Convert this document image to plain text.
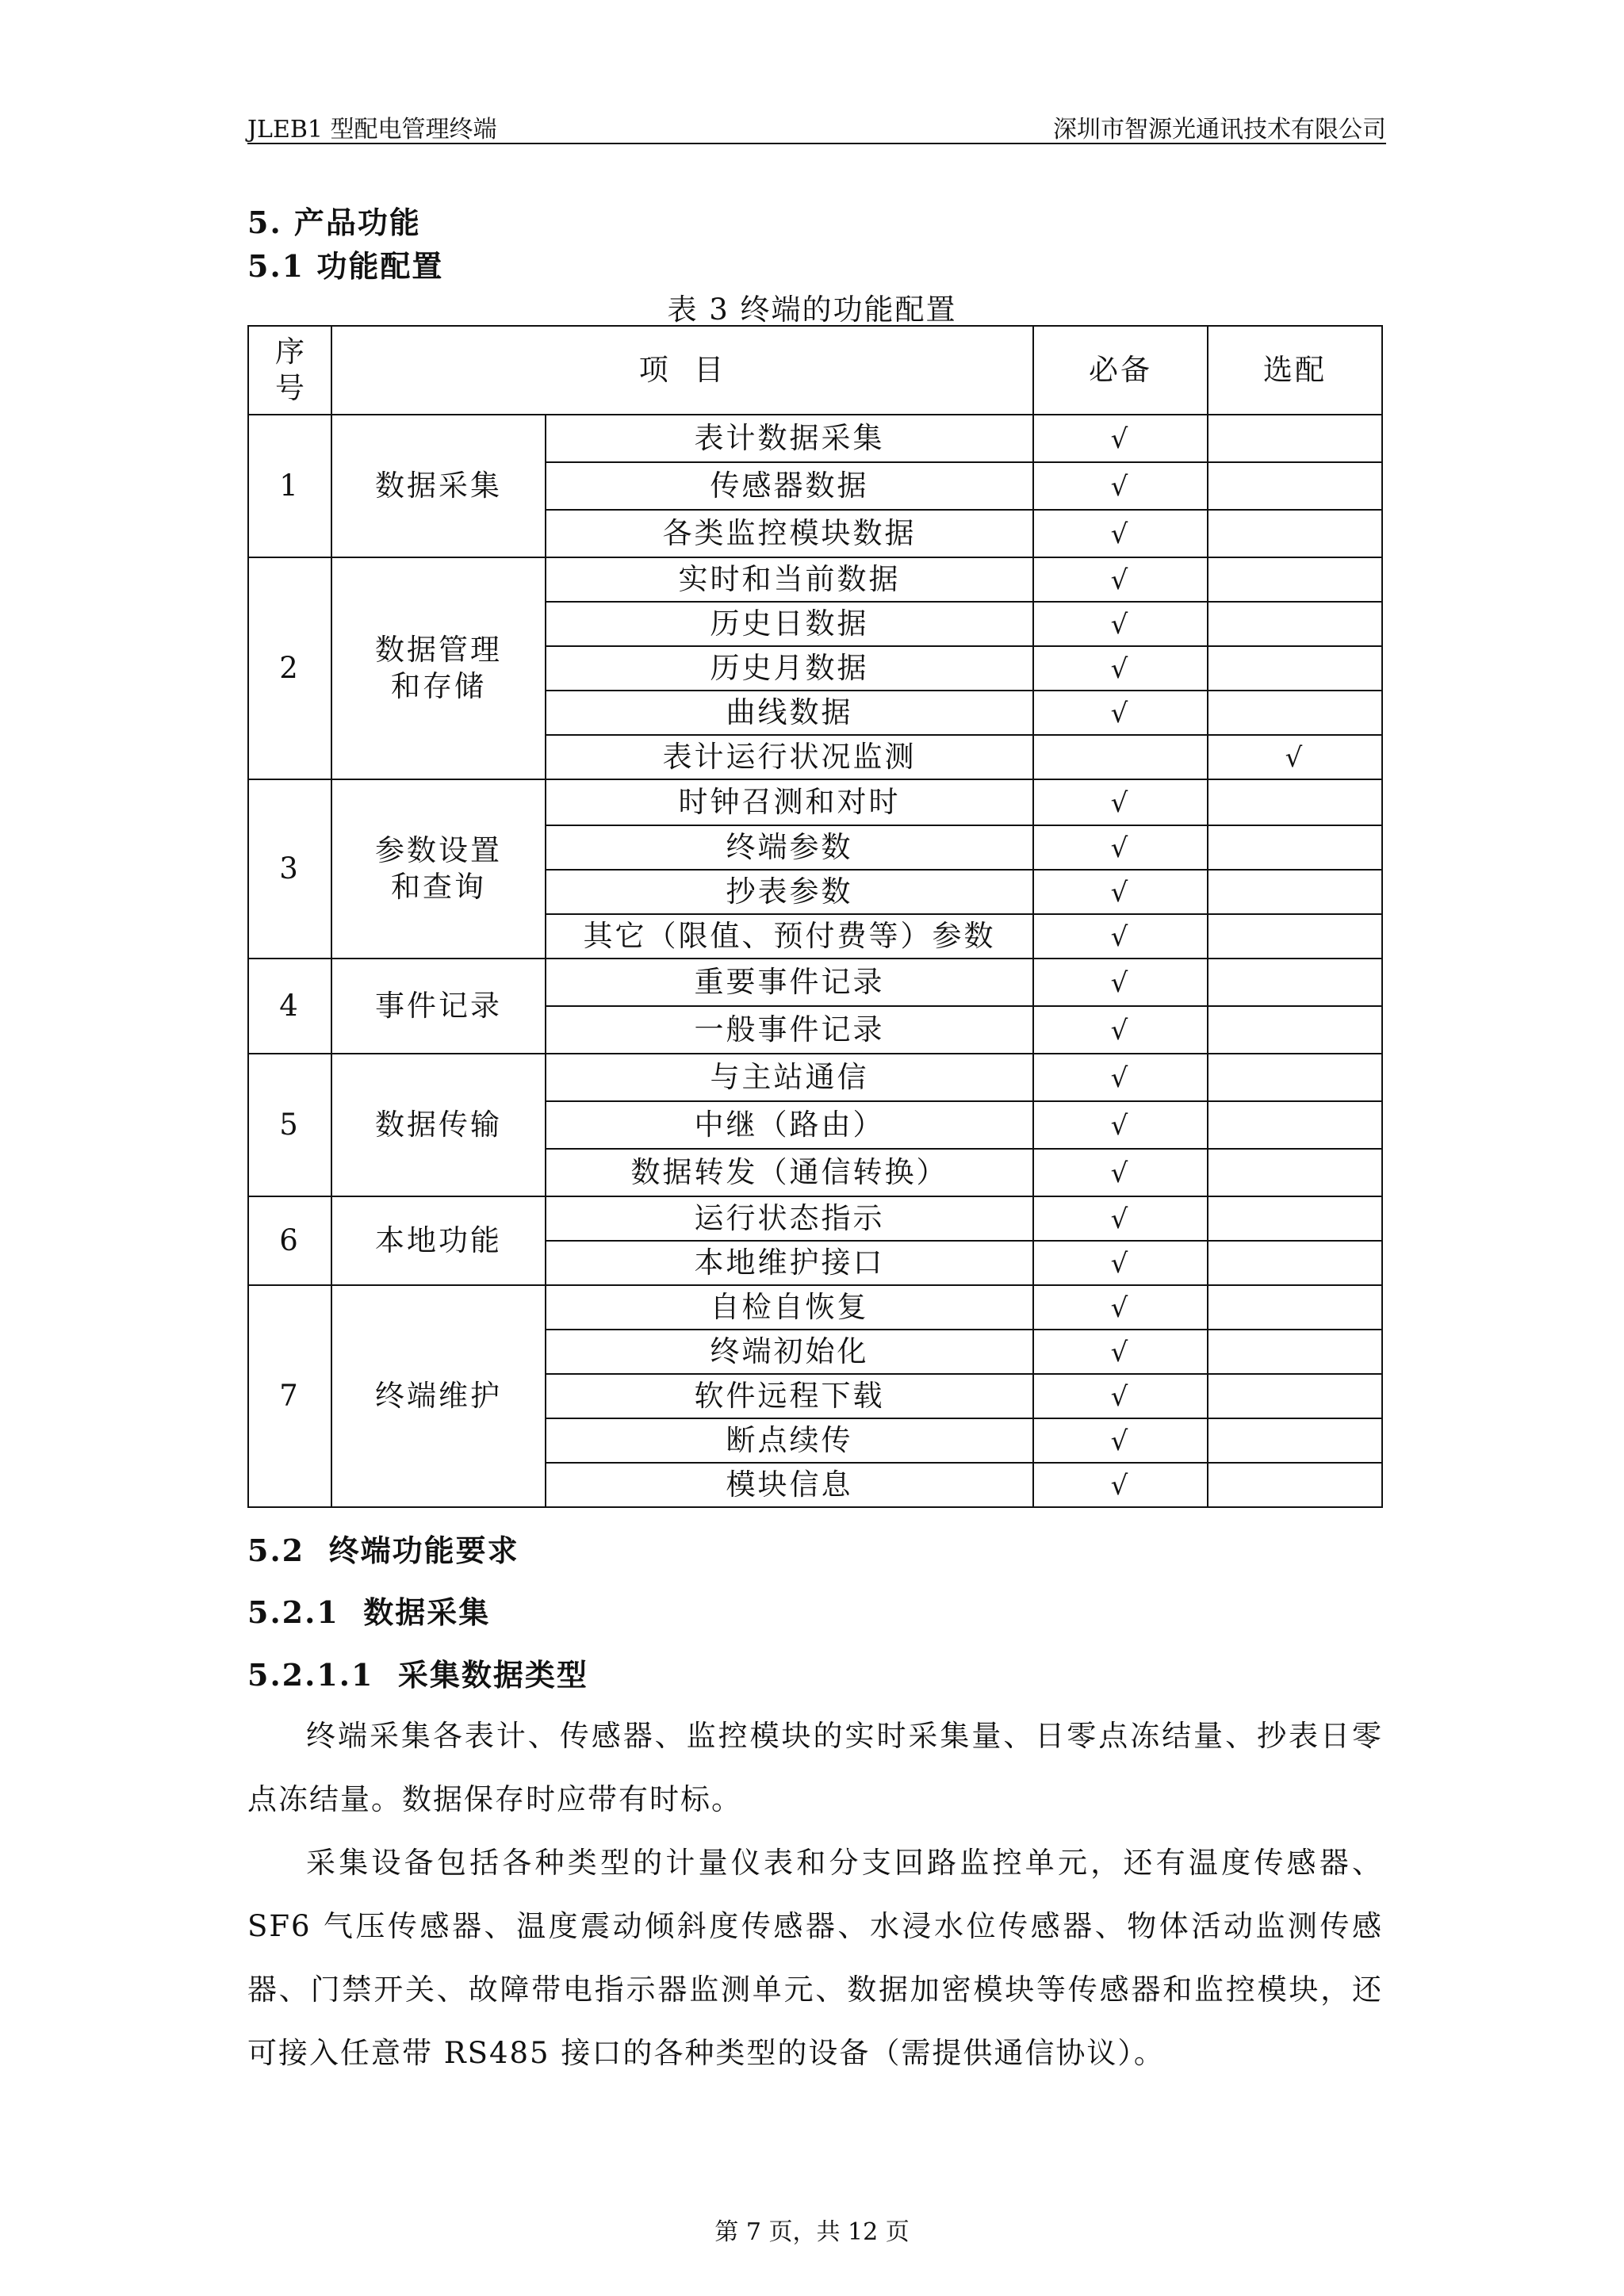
JLEB1 型配电管理终端	深圳市智源光通讯技术有限公司
5. 产品功能
5.1 功能配置
表 3 终端的功能配置
序号	项  目		必备	选配
1	数据采集	表计数据采集	√	
		传感器数据	√	
		各类监控模块数据	√	
2	数据管理和存储	实时和当前数据	√	
		历史日数据	√	
		历史月数据	√	
		曲线数据	√	
		表计运行状况监测		√
3	参数设置和查询	时钟召测和对时	√	
		终端参数	√	
		抄表参数	√	
		其它（限值、预付费等）参数	√	
4	事件记录	重要事件记录	√	
		一般事件记录	√	
5	数据传输	与主站通信	√	
		中继（路由）	√	
		数据转发（通信转换）	√	
6	本地功能	运行状态指示	√	
		本地维护接口	√	
7	终端维护	自检自恢复	√	
		终端初始化	√	
		软件远程下载	√	
		断点续传	√	
		模块信息	√	
5.2  终端功能要求
5.2.1  数据采集
5.2.1.1  采集数据类型
终端采集各表计、传感器、监控模块的实时采集量、日零点冻结量、抄表日零点冻结量。数据保存时应带有时标。
采集设备包括各种类型的计量仪表和分支回路监控单元，还有温度传感器、SF6 气压传感器、温度震动倾斜度传感器、水浸水位传感器、物体活动监测传感器、门禁开关、故障带电指示器监测单元、数据加密模块等传感器和监控模块，还可接入任意带 RS485 接口的各种类型的设备（需提供通信协议）。
第 7 页，共 12 页
